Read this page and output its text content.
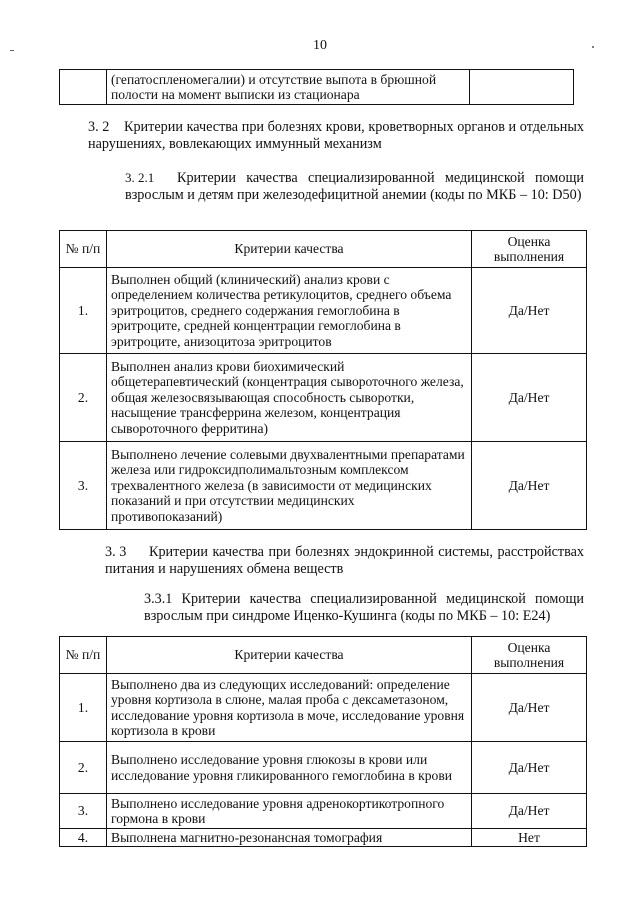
10
	(гепатоспленомегалии) и отсутствие выпота в брюшной полости на момент выписки из стационара	
3. 2 Критерии качества при болезнях крови, кроветворных органов и отдельных нарушениях, вовлекающих иммунный механизм
3. 2.1 Критерии качества специализированной медицинской помощи взрослым и детям при железодефицитной анемии (коды по МКБ – 10: D50)
№ п/п	Критерии качества	Оценка выполнения
1.	Выполнен общий (клинический) анализ крови с определением количества ретикулоцитов, среднего объема эритроцитов, среднего содержания гемоглобина в эритроците, средней концентрации гемоглобина в эритроците, анизоцитоза эритроцитов	Да/Нет
2.	Выполнен анализ крови биохимический общетерапевтический (концентрация сывороточного железа, общая железосвязывающая способность сыворотки, насыщение трансферрина железом, концентрация сывороточного ферритина)	Да/Нет
3.	Выполнено лечение солевыми двухвалентными препаратами железа или гидроксидполимальтозным комплексом трехвалентного железа (в зависимости от медицинских показаний и при отсутствии медицинских противопоказаний)	Да/Нет
3. 3 Критерии качества при болезнях эндокринной системы, расстройствах питания и нарушениях обмена веществ
3.3.1 Критерии качества специализированной медицинской помощи взрослым при синдроме Иценко-Кушинга (коды по МКБ – 10: E24)
№ п/п	Критерии качества	Оценка выполнения
1.	Выполнено два из следующих исследований: определение уровня кортизола в слюне, малая проба с дексаметазоном, исследование уровня кортизола в моче, исследование уровня кортизола в крови	Да/Нет
2.	Выполнено исследование уровня глюкозы в крови или исследование уровня гликированного гемоглобина в крови	Да/Нет
3.	Выполнено исследование уровня адренокортикотропного гормона в крови	Да/Нет
4.	Выполнена магнитно-резонансная томография	Нет
